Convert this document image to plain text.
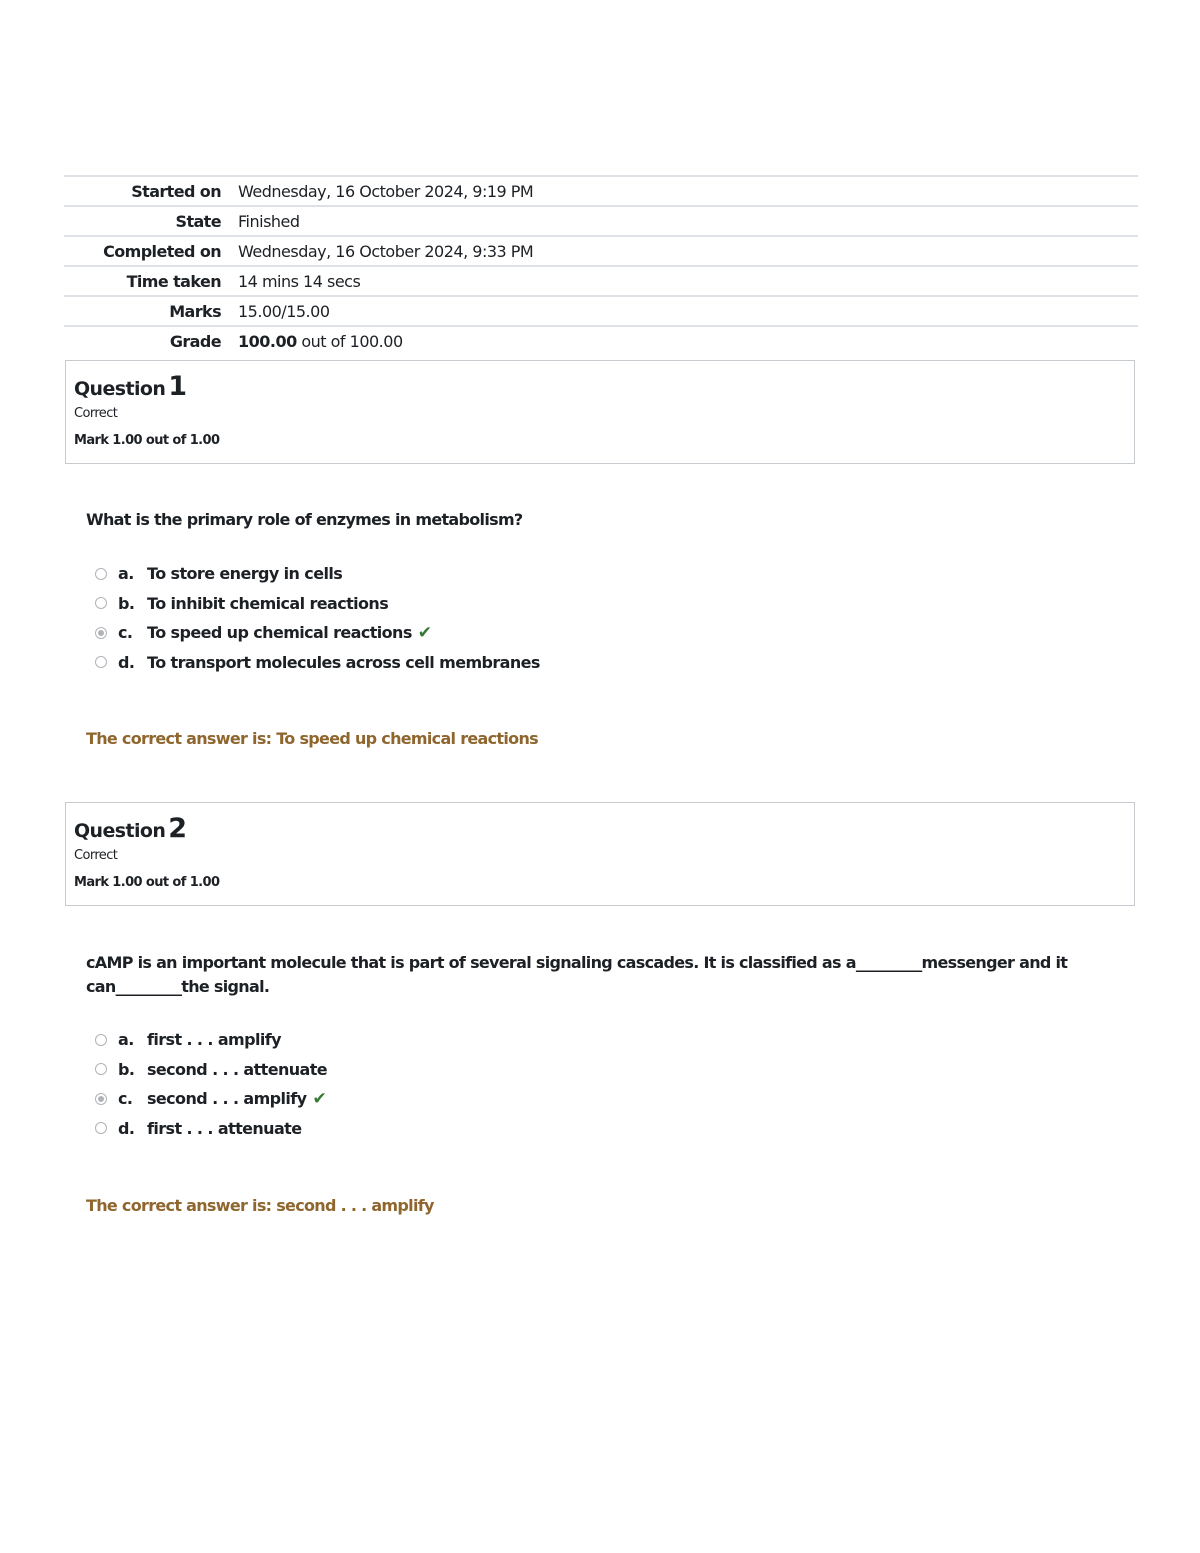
Started on	Wednesday, 16 October 2024, 9:19 PM
State	Finished
Completed on	Wednesday, 16 October 2024, 9:33 PM
Time taken	14 mins 14 secs
Marks	15.00/15.00
Grade	100.00 out of 100.00
Question 1
Correct
Mark 1.00 out of 1.00
What is the primary role of enzymes in metabolism?
a. To store energy in cells
b. To inhibit chemical reactions
c. To speed up chemical reactions ✔
d. To transport molecules across cell membranes
The correct answer is: To speed up chemical reactions
Question 2
Correct
Mark 1.00 out of 1.00
cAMP is an important molecule that is part of several signaling cascades. It is classified as a_________messenger and it can_________the signal.
a. first . . . amplify
b. second . . . attenuate
c. second . . . amplify ✔
d. first . . . attenuate
The correct answer is: second . . . amplify
